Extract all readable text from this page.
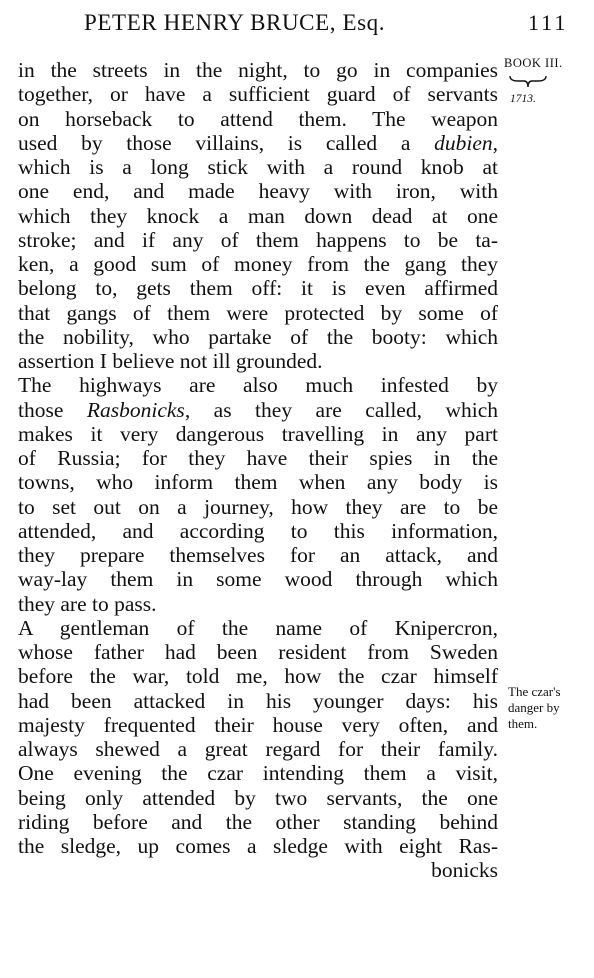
PETER HENRY BRUCE, Esq.	111
BOOK III.
1713.
The czar's
danger by
them.
in the streets in the night, to go in companies
together, or have a sufficient guard of servants
on horseback to attend them. The weapon
used by those villains, is called a dubien,
which is a long stick with a round knob at
one end, and made heavy with iron, with
which they knock a man down dead at one
stroke; and if any of them happens to be ta-
ken, a good sum of money from the gang they
belong to, gets them off: it is even affirmed
that gangs of them were protected by some of
the nobility, who partake of the booty: which
assertion I believe not ill grounded.
The highways are also much infested by
those Rasbonicks, as they are called, which
makes it very dangerous travelling in any part
of Russia; for they have their spies in the
towns, who inform them when any body is
to set out on a journey, how they are to be
attended, and according to this information,
they prepare themselves for an attack, and
way-lay them in some wood through which
they are to pass.
A gentleman of the name of Knipercron,
whose father had been resident from Sweden
before the war, told me, how the czar himself
had been attacked in his younger days: his
majesty frequented their house very often, and
always shewed a great regard for their family.
One evening the czar intending them a visit,
being only attended by two servants, the one
riding before and the other standing behind
the sledge, up comes a sledge with eight Ras-
bonicks
